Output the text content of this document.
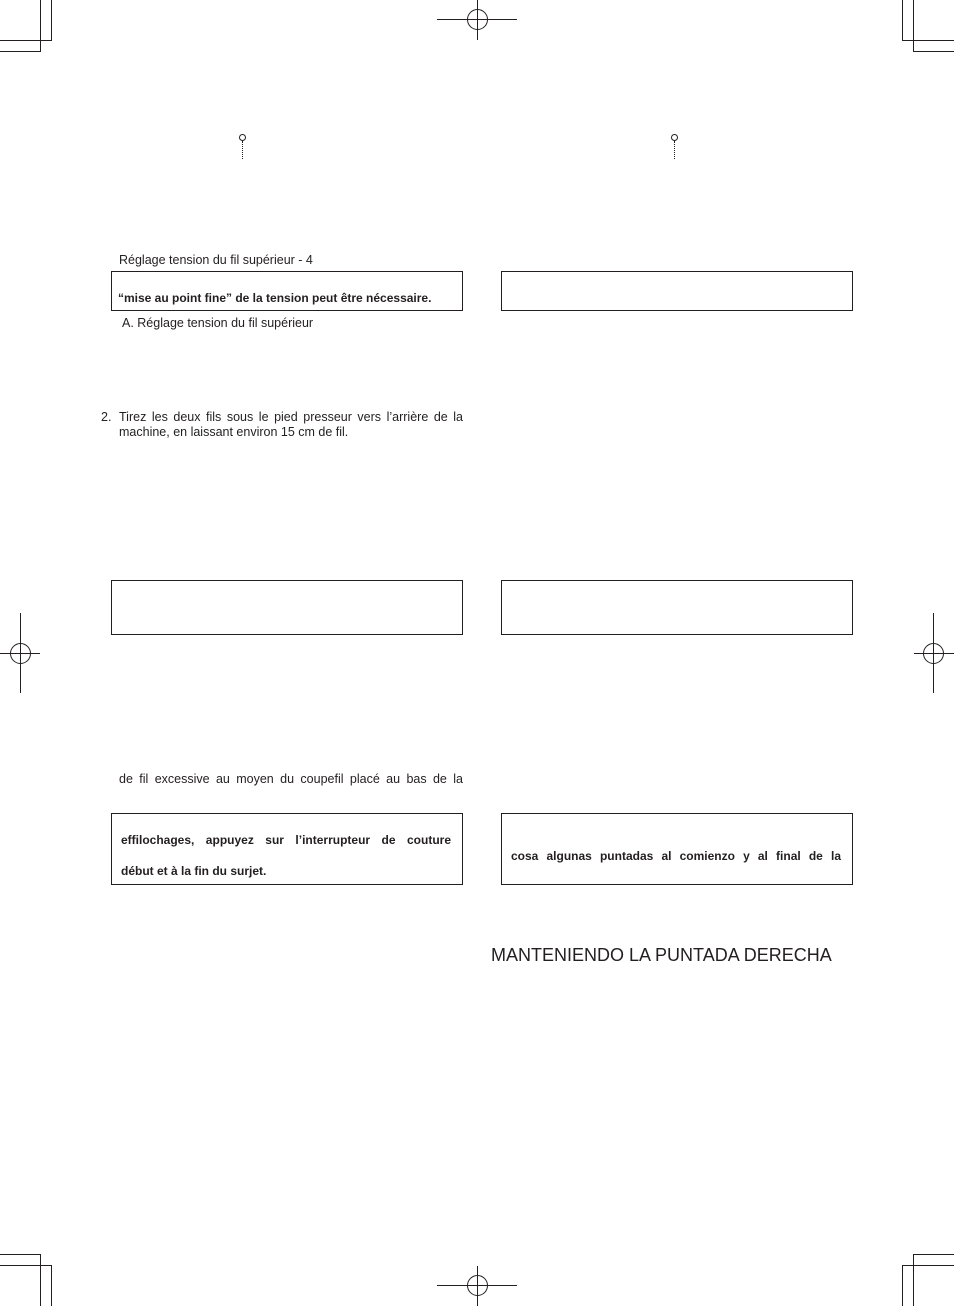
Réglage tension du fil supérieur - 4
“mise au point fine” de la tension peut être nécessaire.
A. Réglage tension du fil supérieur
2. Tirez les deux fils sous le pied presseur vers l’arrière de la
machine, en laissant environ 15 cm de fil.
de fil excessive au moyen du coupefil placé au bas de la
effilochages, appuyez sur l’interrupteur de couture
début et à la fin du surjet.
cosa algunas puntadas al comienzo y al final de la
MANTENIENDO LA PUNTADA DERECHA
